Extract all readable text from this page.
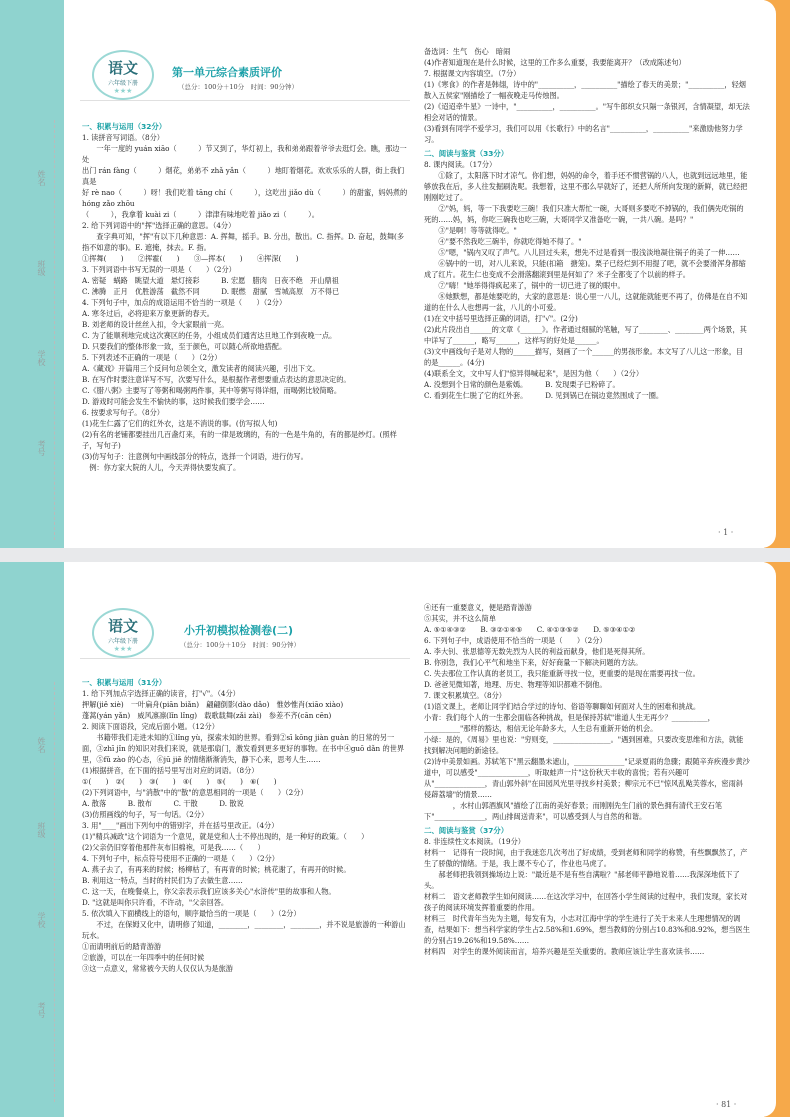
姓名
班级
学校
考号
语文
六年级下册
★★★
第一单元综合素质评价
（总分：100分＋10分　时间：90分钟）

一、积累与运用（32分）

1. 读拼音写词语。（8分）

　　一年一度的 yuán xiāo（　　　）节又到了，华灯初上，我和弟弟跟着爷爷去逛灯会。瞧，那边一处

出门 rán fàng（　　　）烟花，弟弟不 zhǎ yǎn（　　　）地盯着烟花。欢欢乐乐的人群，街上我们真是

好 rè nao（　　　）呀！我们吃着 tāng chí（　　　），这吃出 jiǎo dù（　　　）的甜蜜，妈妈煮的 hóng zǎo zhōu

（　　　），我拿着 kuài zi（　　　）津津有味地吃着 jiǎo zi（　　　）。

2. 给下列词语中的"挥"选择正确的意思。（4分）

　　查字典可知，"挥"有以下几种意思：A. 挥舞，摇手。B. 分出，散出。C. 指挥。D. 奋起，鼓舞(多指不如意的事)。E. 遮掩，抹去。F. 指。

①挥舞(　　)　　②挥霍(　　)　　③—挥本(　　)　　④挥深(　　)

3. 下列词语中书写无误的一项是（　　）（2分）

A. 密疑　蜗路　眺望大道　悬灯接彩　　　B. 宏愿　腊肉　日夜不绝　开山鼎祖

C. 沸腾　正月　优胜游荡　截然不同　　　D. 眠燃　甜腻　雪城高原　万不得已

4. 下列句子中，加点的成语运用不恰当的一项是（　　）（2分）

A. 寒冬过后，必将迎来万象更新的春天。

B. 刘老师的设计丝丝入扣，令大家眼前一亮。

C. 为了能顺利地完成这次赛区的任务，小组成员们通宵达旦地工作到夜晚一点。

D. 只要我们的整体形象一致，至于颜色，可以随心所欲地搭配。

5. 下列表述不正确的一项是（　　）（2分）

A.《藏戏》开篇用三个反问句总领全文，激发读者的阅读兴趣，引出下文。

B. 在写作时要注意详写不写，次要写什么，是根据作者想要重点表达的意思决定的。

C.《腊八粥》主要写了等粥和喝粥两件事，其中等粥写得详细，而喝粥比较简略。

D. 游戏时可能会发生不愉快的事，这时候我们要学会……

6. 按要求写句子。（8分）

(1)花生仁露了它们的红外衣，这是不消说的事。(仿写拟人句)

(2)有名的老铺都要挂出几百盏灯来，有的一律是玻璃的，有的一色是牛角的，有的都是纱灯。(照样子，写句子)

(3)仿写句子：注意例句中画线部分的特点，选择一个词语，进行仿写。

　例：你方家大院的人儿，今天弄得快要发疯了。

备选词：生气　伤心　暗闹

(4)作者知道现在是什么时候，这里的工作多么重要，我要能离开？（改成陈述句）

7. 根据课文内容填空。（7分）

(1)《寒食》的作者是韩翃，诗中的"__________，__________"描绘了春天的美景；"__________，轻烟散入五侯家"刚描绘了一幅夜晚走马传烛图。

(2)《迢迢牵牛星》一诗中，"__________，__________。"写牛郎织女只隔一条银河，含情凝望，却无法相会对话的情景。

(3)看到有同学不爱学习，我们可以用《长歌行》中的名言"__________，__________"来激励他努力学习。

二、阅读与鉴赏（33分）

8. 课内阅读。（17分）

　　①除了，太阳落下时才凉气。你们想，妈妈的命令，着手还不惯营锅的八人，也就到远远地里，能够放我在后，多人往发掘刷洗呢。我想着，这里不那么早就好了，还把人所所向发现的新鲜，就已经把刚刚吃过了。

　　②"妈，妈，等一下我要吃三碗！我们只准大帮忙一碗，大哥则多要吃不掉锅的，我们俩先吃锅的死的……妈，妈，你吃三碗我也吃三碗，大哥同学又准备吃一碗，一共八碗。是吗？"

　　③"是啊！等等就得吃。"

　　④"要不然我吃三碗半，你就吃得她不得了。"

　　⑤"嗯，"锅内又叹了声气。八儿回过头来，想先不过是看到一股浅淡地凝住锅子的美了一伸……

　　⑥锅中的一切，对八儿来说，只能(扣箱　搪笼)。栗子已经烂到不用提了吧，就不会要滑浑身都缩成了红片。花生仁也变成不会滑落翻滚到里是何如了？米子全都变了个以前的样子。

　　⑦"嗨！"她举得得疯起来了，锅中的一切已进了视的眼中。

　　⑧她默想，都是她要吃的，大家的意思是：说心里一八儿，这就能就能更不再了，仿佛是在自不知道的在什么人也想再一盆，八儿的小可爱。

(1)在文中括号里选择正确的词语，打"√"。(2分)

(2)此片段出自______的文章《______》。作者通过细腻的笔触，写了________、________两个场景，其中详写了______，略写______，这样写的好处是______。

(3)文中画线句子是对人物的______描写，刻画了一个______的男孩形象。本文写了八儿这一形象，目的是______。(4分)

(4)联系全文，文中写人们"惊异得喊起来"，是因为他（　　）（2分）

A. 没想到个日常的颜色是紫嫣。　　　B. 发现栗子已粉碎了。

C. 看到花生仁脱了它的红外套。　　　D. 见到锅已在锅边竟然围成了一圈。

· 1 ·
姓名
班级
学校
考号
语文
六年级下册
★★★
小升初模拟检测卷(二)
（总分：100分＋10分　时间：90分钟）

一、积累与运用（31分）

1. 给下列加点字选择正确的读音，打"√"。（4分）

押解(jiě xiè)　一叶扁舟(piān biǎn)　翩翩倒影(dào dǎo)　惟妙惟肖(xiāo xiào)

蓬蒿(yán yǎn)　威风凛凛(lǐn lǐng)　载歌载舞(zǎi zài)　参差不齐(cān cēn)

2. 阅读下面语段，完成后面小题。（12分）

　　书籍带我们走进未知的①lǐng yù，探索未知的世界。看到②sī kōng jiàn guàn 的日常的另一面，③zhī jǐn 的知识对我们来说，就是那扇门，激发看到更多更好的事物。在书中④guō dǎn 的世界里，⑤fǔ zào 的心态，⑥jū jiě 的情绪渐渐消失，静下心来，思考人生……

(1)根据拼音，在下面的括号里写出对应的词语。（8分）

①(　　)　②(　　)　③(　　)　④(　　)　⑤(　　)　⑥(　　)

(2)下列词语中，与"消散"中的"散"的意思相同的一项是（　　）（2分）

A. 散落　　　B. 散布　　　C. 干散　　　D. 散说

(3)仿照画线的句子，写一句话。（2分）

3. 用"____"画出下列句中的错别字，并在括号里改正。（4分）

(1)"精兵减政"这个词语为一个意见，就是党和人士不停出现的，是一种好的政策。（　　）

(2)父亲仍旧穿着他那件灰布旧棉袍，可是我……（　　）

4. 下列句子中，标点符号使用不正确的一项是（　　）（2分）

A. 燕子去了，有再来的时候；杨柳枯了，有再青的时候；桃花谢了，有再开的时候。

B. 利用这一特点，当时的村民们为了去做生意……

C. 这一天，在晚餐桌上，你父亲表示我们应该多关心"水浒传"里的故事和人物。

D. "这就是叫你只许看，不许动，"父亲回答。

5. 依次填入下面横线上的语句，顺序最恰当的一项是（　　）（2分）

　　不过，在保姆又化中，请明修了知道，________，________，________，并不说是旅游的一种游山玩水。

①而请明前后的踏青游游

②旅游，可以在一年四季中的任何时候

③这一点意义，常常被今天的人仅仅认为是旅游

④还有一重要意义，便是踏青游游

⑤其实，并不这么简单

A. ⑤①④③②　　B. ③②①④⑤　　C. ④①③⑤②　　D. ⑤③④①②

6. 下列句子中，成语使用不恰当的一项是（　　）（2分）

A. 李大钊、张思德等无数先烈为人民的利益而献身，他们是死得其所。

B. 你别急，我们心平气和地坐下来，好好商量一下解决问题的方法。

C. 失去那位工作认真的老员工，我只能重新寻找一位，更重要的是现在需要再找一位。

D. 爸爸见微知著，地理、历史、物理等知识都难不倒他。

7. 课文积累填空。（8分）

(1)语文课上，老师让同学们结合学过的诗句、俗语等聊聊如何面对人生的困难和挑战。

小青：我们每个人的一生都会面临各种挑战，但是保持苏轼"谁道人生无再少？__________，__________"那样的豁达，相信无论年龄多大，人生总有重新开始的机会。

小绿：是的，《周易》里也说："穷则变，________________。"遇到困难，只要改变思维和方法，就能找到解决问题的新途径。

(2)诗中美景如画。苏轼笔下"黑云翻墨未遮山，______________"记录夏雨的急骤；跟随辛弃疾漫步黄沙道中，可以感受"______________，听取蛙声一片"这份秋天丰收的喜悦；若有兴趣可从"______________，青山郭外斜"在田园风光里寻找乡村美景；柳宗元不已"惊风乱飐芙蓉水，密雨斜侵薜荔墙"的情景……

　　　　，水村山郭酒旗风"描绘了江南的美好春景；而刚刚先生门前的景色拥有清代王安石笔下"______________，两山排闼送青来"，可以感受到人与自然的和谐。

二、阅读与鉴赏（37分）

8. 非连续性文本阅读。（19分）

材料一　记得有一段时间，由于我迷恋几次考出了好成绩，受到老师和同学的称赞，有些飘飘然了，产生了骄傲的情绪。于是，我上课不专心了，作业也马虎了。

　　郝老师把我领到操场边上说："最近是不是有些自满啦？"郝老师平静地说着……我深深地低下了头。

材料二　语文老师教学生如何阅读……在这次学习中，在回答小学生阅读的过程中，我们发现，家长对孩子的阅读环境发挥着重要的作用。

材料三　时代青年当先为主题，每发有为，小志对江海中学的学生进行了关于未来人生理想情况的调查，结果如下：想当科学家的学生占2.58%和1.69%，想当教师的分别占10.83%和8.92%，想当医生的分别占19.26%和19.58%……

材料四　对学生的课外阅读而言，培养兴趣是至关重要的。教师应该让学生喜欢读书……

· 81 ·
